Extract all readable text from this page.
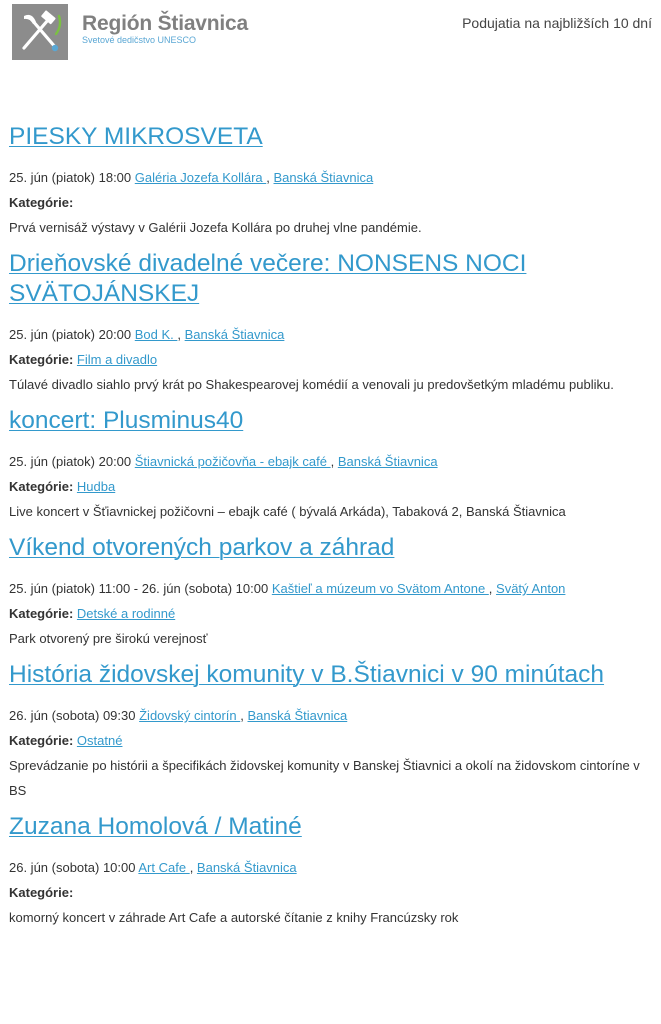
Región Štiavnica
Svetové dedičstvo UNESCO
Podujatia na najbližších 10 dní
PIESKY MIKROSVETA
25. jún (piatok) 18:00 Galéria Jozefa Kollára , Banská Štiavnica
Kategórie:
Prvá vernisáž výstavy v Galérii Jozefa Kollára po druhej vlne pandémie.
Drieňovské divadelné večere: NONSENS NOCI SVÄTOJÁNSKEJ
25. jún (piatok) 20:00 Bod K. , Banská Štiavnica
Kategórie: Film a divadlo
Túlavé divadlo siahlo prvý krát po Shakespearovej komédií a venovali ju predovšetkým mladému publiku.
koncert: Plusminus40
25. jún (piatok) 20:00 Štiavnická požičovňa - ebajk café , Banská Štiavnica
Kategórie: Hudba
Live koncert v Šťiavnickej požičovni – ebajk café ( bývalá Arkáda), Tabaková 2, Banská Štiavnica
Víkend otvorených parkov a záhrad
25. jún (piatok) 11:00 - 26. jún (sobota) 10:00 Kaštieľ a múzeum vo Svätom Antone , Svätý Anton
Kategórie: Detské a rodinné
Park otvorený pre širokú verejnosť
História židovskej komunity v B.Štiavnici v 90 minútach
26. jún (sobota) 09:30 Židovský cintorín , Banská Štiavnica
Kategórie: Ostatné
Sprevádzanie po histórii a špecifikách židovskej komunity v Banskej Štiavnici a okolí na židovskom cintoríne v BS
Zuzana Homolová / Matiné
26. jún (sobota) 10:00 Art Cafe , Banská Štiavnica
Kategórie:
komorný koncert v záhrade Art Cafe a autorské čítanie z knihy Francúzsky rok
